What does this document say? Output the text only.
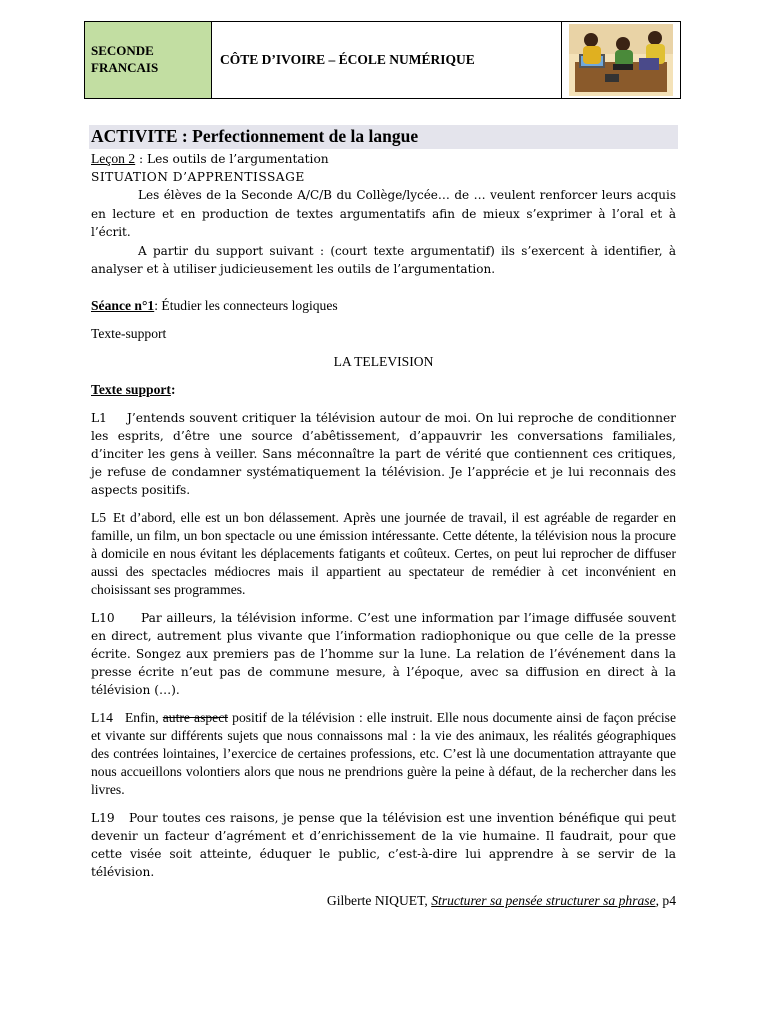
SECONDE
FRANCAIS
CÔTE D’IVOIRE – ÉCOLE NUMÉRIQUE
ACTIVITE : Perfectionnement de la langue
Leçon 2 : Les outils de l’argumentation
SITUATION D’APPRENTISSAGE

Les élèves de la Seconde A/C/B du Collège/lycée… de … veulent renforcer leurs acquis en lecture et en production de textes argumentatifs afin de mieux s’exprimer à l’oral et à l’écrit.

A partir du support suivant : (court texte argumentatif) ils s’exercent à identifier, à analyser et à utiliser judicieusement les outils de l’argumentation.

Séance n°1: Étudier les connecteurs logiques
Texte-support
LA TELEVISION
Texte support:

L1 J’entends souvent critiquer la télévision autour de moi. On lui reproche de conditionner les esprits, d’être une source d’abêtissement, d’appauvrir les conversations familiales, d’inciter les gens à veiller. Sans méconnaître la part de vérité que contiennent ces critiques, je refuse de condamner systématiquement la télévision. Je l’apprécie et je lui reconnais des aspects positifs.

L5 Et d’abord, elle est un bon délassement. Après une journée de travail, il est agréable de regarder en famille, un film, un bon spectacle ou une émission intéressante. Cette détente, la télévision nous la procure à domicile en nous évitant les déplacements fatigants et coûteux. Certes, on peut lui reprocher de diffuser aussi des spectacles médiocres mais il appartient au spectateur de remédier à cet inconvénient en choisissant ses programmes.

L10 Par ailleurs, la télévision informe. C’est une information par l’image diffusée souvent en direct, autrement plus vivante que l’information radiophonique ou que celle de la presse écrite. Songez aux premiers pas de l’homme sur la lune. La relation de l’événement dans la presse écrite n’eut pas de commune mesure, à l’époque, avec sa diffusion en direct à la télévision (…).

L14 Enfin, autre aspect positif de la télévision : elle instruit. Elle nous documente ainsi de façon précise et vivante sur différents sujets que nous connaissons mal : la vie des animaux, les réalités géographiques des contrées lointaines, l’exercice de certaines professions, etc. C’est là une documentation attrayante que nous accueillons volontiers alors que nous ne prendrions guère la peine à défaut, de la rechercher dans les livres.

L19 Pour toutes ces raisons, je pense que la télévision est une invention bénéfique qui peut devenir un facteur d’agrément et d’enrichissement de la vie humaine. Il faudrait, pour que cette visée soit atteinte, éduquer le public, c’est-à-dire lui apprendre à se servir de la télévision.

Gilberte NIQUET, Structurer sa pensée structurer sa phrase, p4
